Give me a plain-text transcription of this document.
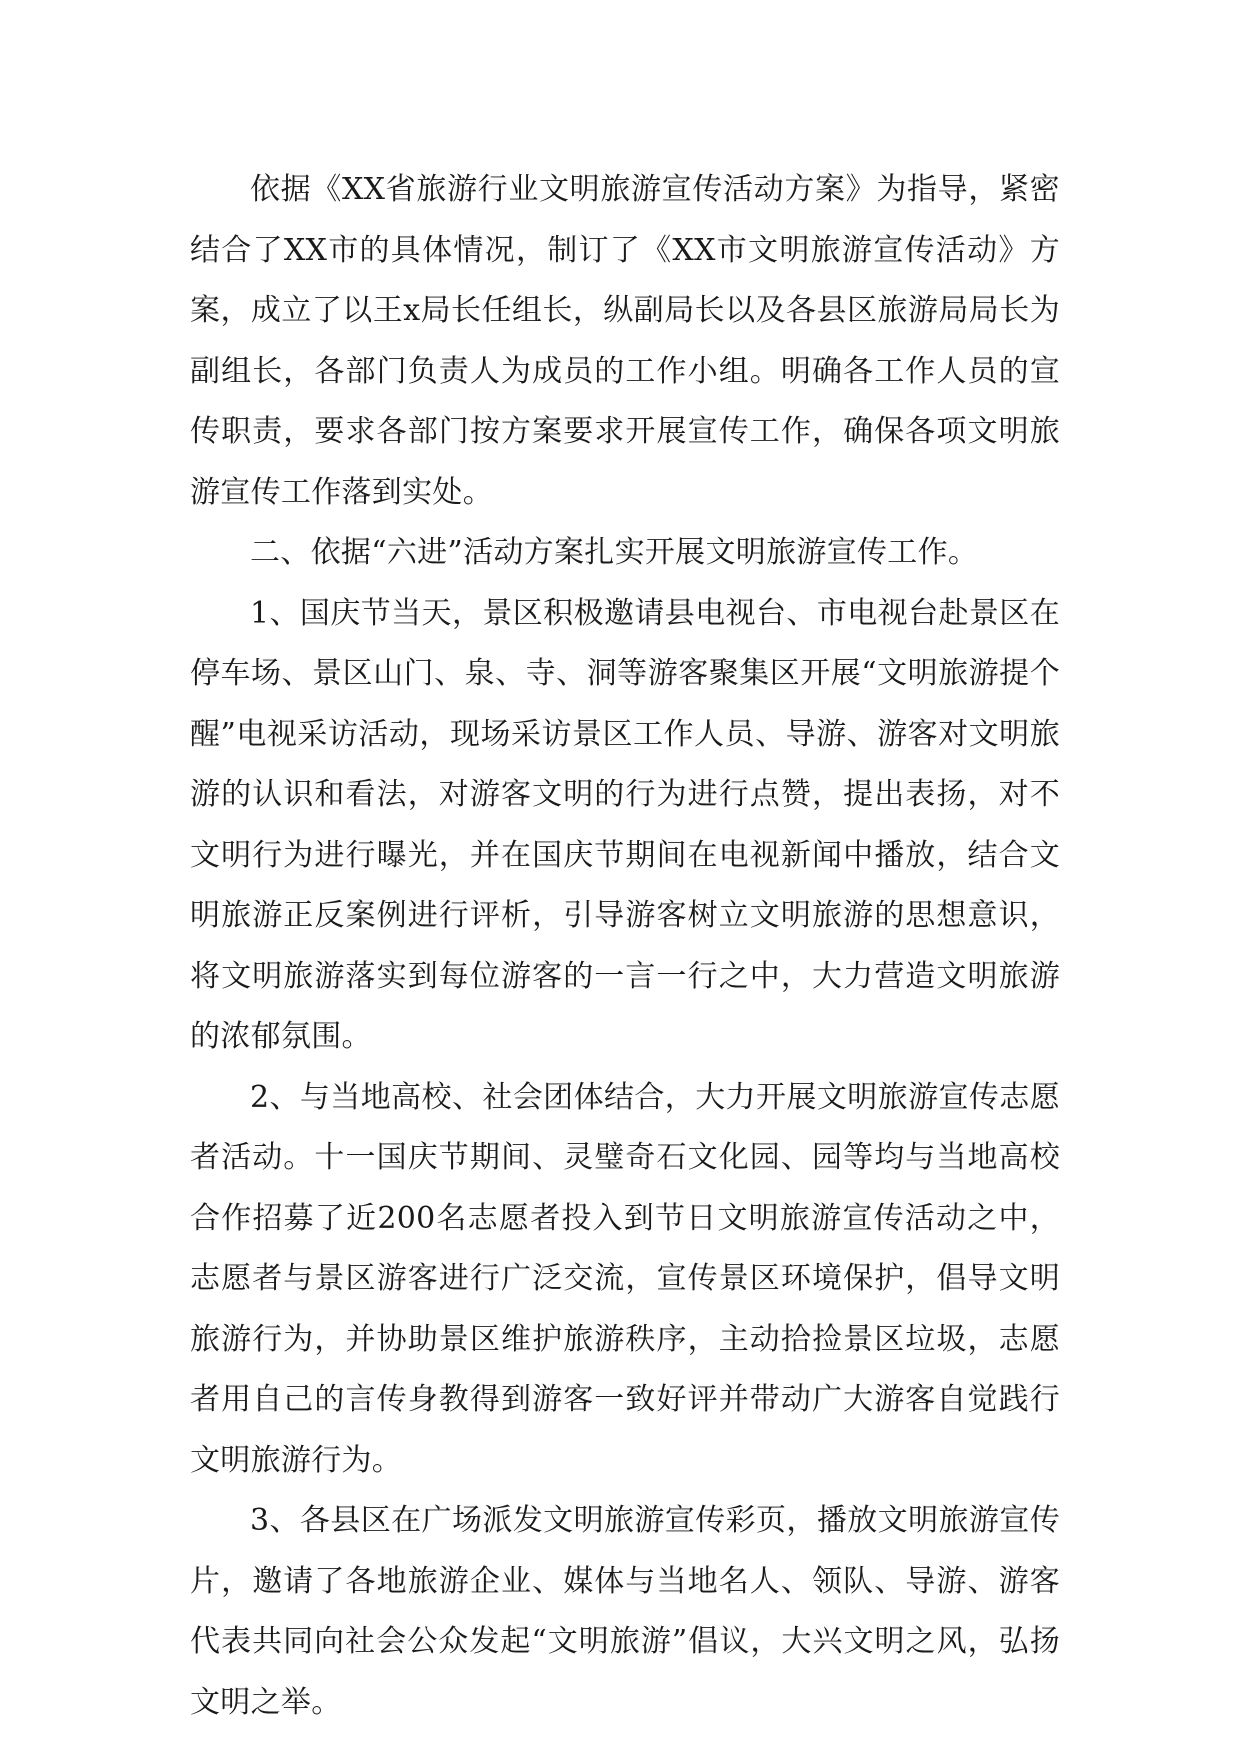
依据《XX省旅游行业文明旅游宣传活动方案》为指导，紧密结合了XX市的具体情况，制订了《XX市文明旅游宣传活动》方案，成立了以王x局长任组长，纵副局长以及各县区旅游局局长为副组长，各部门负责人为成员的工作小组。明确各工作人员的宣传职责，要求各部门按方案要求开展宣传工作，确保各项文明旅游宣传工作落到实处。

二、依据“六进”活动方案扎实开展文明旅游宣传工作。

1、国庆节当天，景区积极邀请县电视台、市电视台赴景区在停车场、景区山门、泉、寺、洞等游客聚集区开展“文明旅游提个醒”电视采访活动，现场采访景区工作人员、导游、游客对文明旅游的认识和看法，对游客文明的行为进行点赞，提出表扬，对不文明行为进行曝光，并在国庆节期间在电视新闻中播放，结合文明旅游正反案例进行评析，引导游客树立文明旅游的思想意识，将文明旅游落实到每位游客的一言一行之中，大力营造文明旅游的浓郁氛围。

2、与当地高校、社会团体结合，大力开展文明旅游宣传志愿者活动。十一国庆节期间、灵璧奇石文化园、园等均与当地高校合作招募了近200名志愿者投入到节日文明旅游宣传活动之中，志愿者与景区游客进行广泛交流，宣传景区环境保护，倡导文明旅游行为，并协助景区维护旅游秩序，主动拾捡景区垃圾，志愿者用自己的言传身教得到游客一致好评并带动广大游客自觉践行文明旅游行为。

3、各县区在广场派发文明旅游宣传彩页，播放文明旅游宣传片，邀请了各地旅游企业、媒体与当地名人、领队、导游、游客代表共同向社会公众发起“文明旅游”倡议，大兴文明之风，弘扬文明之举。
